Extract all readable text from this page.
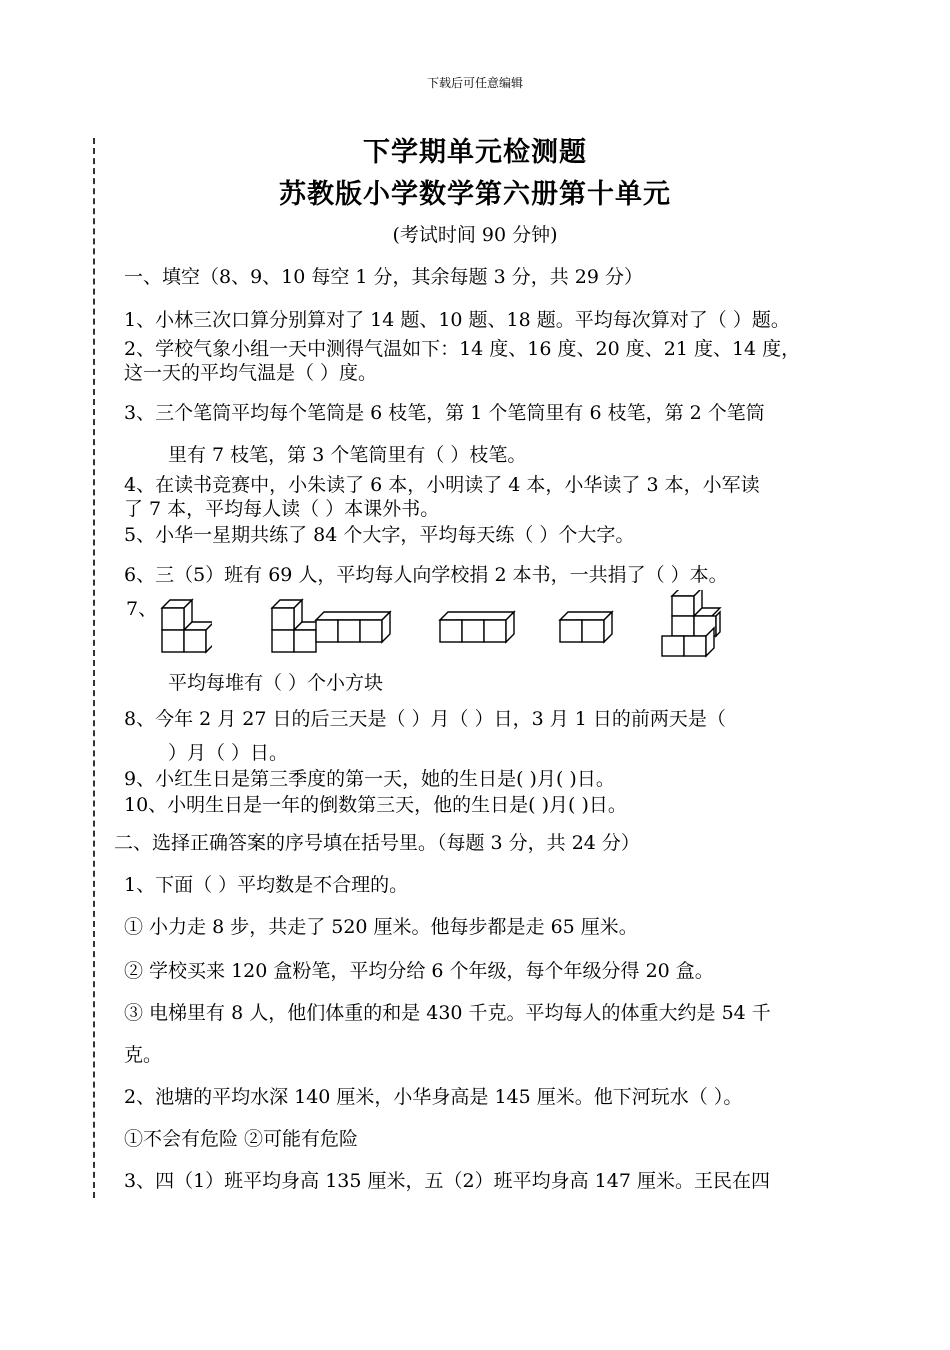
下载后可任意编辑
下学期单元检测题
苏教版小学数学第六册第十单元
(考试时间 90 分钟)
一、填空（8、9、10 每空 1 分，其余每题 3 分，共 29 分）
1、小林三次口算分别算对了 14 题、10 题、18 题。平均每次算对了（ ）题。
2、学校气象小组一天中测得气温如下：14 度、16 度、20 度、21 度、14 度，
这一天的平均气温是（ ）度。
3、三个笔筒平均每个笔筒是 6 枝笔，第 1 个笔筒里有 6 枝笔，第 2 个笔筒
里有 7 枝笔，第 3 个笔筒里有（ ）枝笔。
4、在读书竞赛中，小朱读了 6 本，小明读了 4 本，小华读了 3 本，小军读
了 7 本，平均每人读（ ）本课外书。
5、小华一星期共练了 84 个大字，平均每天练（ ）个大字。
6、三（5）班有 69 人，平均每人向学校捐 2 本书，一共捐了（ ）本。
7、
平均每堆有（ ）个小方块
8、今年 2 月 27 日的后三天是（ ）月（ ）日，3 月 1 日的前两天是（
）月（ ）日。
9、小红生日是第三季度的第一天，她的生日是( )月( )日。
10、小明生日是一年的倒数第三天，他的生日是( )月( )日。
二、选择正确答案的序号填在括号里。（每题 3 分，共 24 分）
1、下面（ ）平均数是不合理的。
① 小力走 8 步，共走了 520 厘米。他每步都是走 65 厘米。
② 学校买来 120 盒粉笔，平均分给 6 个年级，每个年级分得 20 盒。
③ 电梯里有 8 人，他们体重的和是 430 千克。平均每人的体重大约是 54 千
克。
2、池塘的平均水深 140 厘米，小华身高是 145 厘米。他下河玩水（ ）。
①不会有危险 ②可能有危险
3、四（1）班平均身高 135 厘米，五（2）班平均身高 147 厘米。王民在四
